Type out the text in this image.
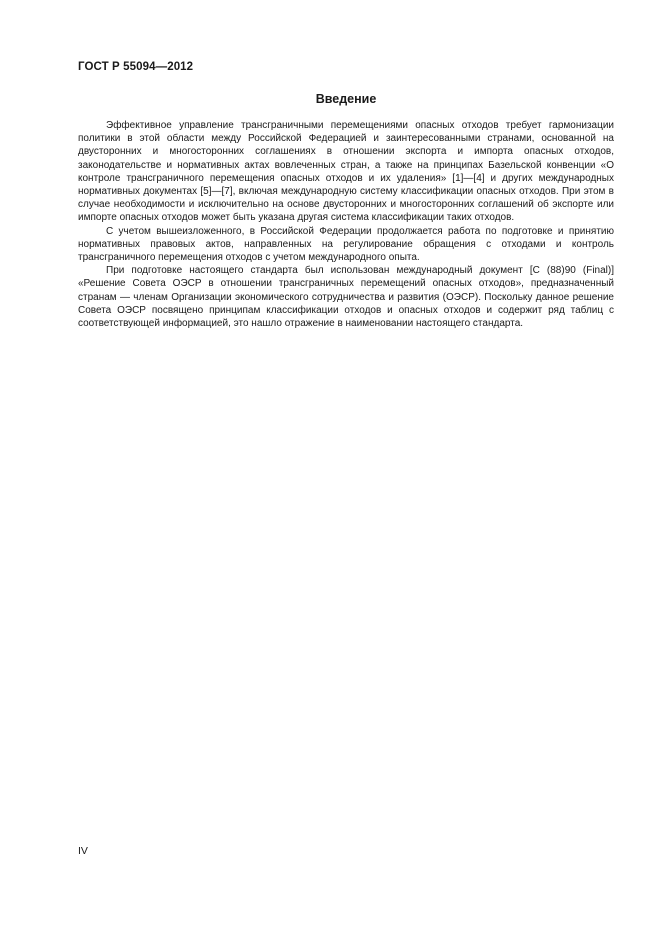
ГОСТ Р 55094—2012
Введение

Эффективное управление трансграничными перемещениями опасных отходов требует гармонизации политики в этой области между Российской Федерацией и заинтересованными странами, основанной на двусторонних и многосторонних соглашениях в отношении экспорта и импорта опасных отходов, законодательстве и нормативных актах вовлеченных стран, а также на принципах Базельской конвенции «О контроле трансграничного перемещения опасных отходов и их удаления» [1]—[4] и других международных нормативных документах [5]—[7], включая международную систему классификации опасных отходов. При этом в случае необходимости и исключительно на основе двусторонних и многосторонних соглашений об экспорте или импорте опасных отходов может быть указана другая система классификации таких отходов.

С учетом вышеизложенного, в Российской Федерации продолжается работа по подготовке и принятию нормативных правовых актов, направленных на регулирование обращения с отходами и контроль трансграничного перемещения отходов с учетом международного опыта.

При подготовке настоящего стандарта был использован международный документ [С (88)90 (Final)] «Решение Совета ОЭСР в отношении трансграничных перемещений опасных отходов», предназначенный странам — членам Организации экономического сотрудничества и развития (ОЭСР). Поскольку данное решение Совета ОЭСР посвящено принципам классификации отходов и опасных отходов и содержит ряд таблиц с соответствующей информацией, это нашло отражение в наименовании настоящего стандарта.

IV
